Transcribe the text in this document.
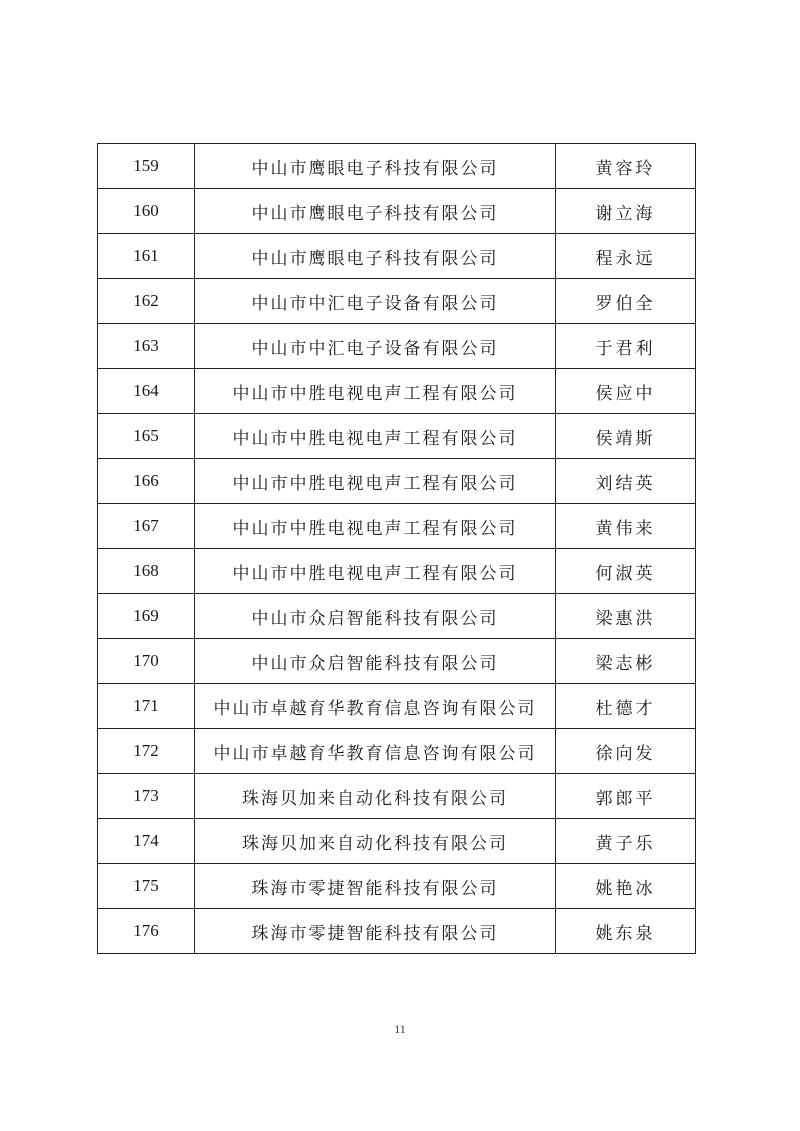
159	中山市鹰眼电子科技有限公司	黄容玲
160	中山市鹰眼电子科技有限公司	谢立海
161	中山市鹰眼电子科技有限公司	程永远
162	中山市中汇电子设备有限公司	罗伯全
163	中山市中汇电子设备有限公司	于君利
164	中山市中胜电视电声工程有限公司	侯应中
165	中山市中胜电视电声工程有限公司	侯靖斯
166	中山市中胜电视电声工程有限公司	刘结英
167	中山市中胜电视电声工程有限公司	黄伟来
168	中山市中胜电视电声工程有限公司	何淑英
169	中山市众启智能科技有限公司	梁惠洪
170	中山市众启智能科技有限公司	梁志彬
171	中山市卓越育华教育信息咨询有限公司	杜德才
172	中山市卓越育华教育信息咨询有限公司	徐向发
173	珠海贝加来自动化科技有限公司	郭郎平
174	珠海贝加来自动化科技有限公司	黄子乐
175	珠海市零捷智能科技有限公司	姚艳冰
176	珠海市零捷智能科技有限公司	姚东泉
11
